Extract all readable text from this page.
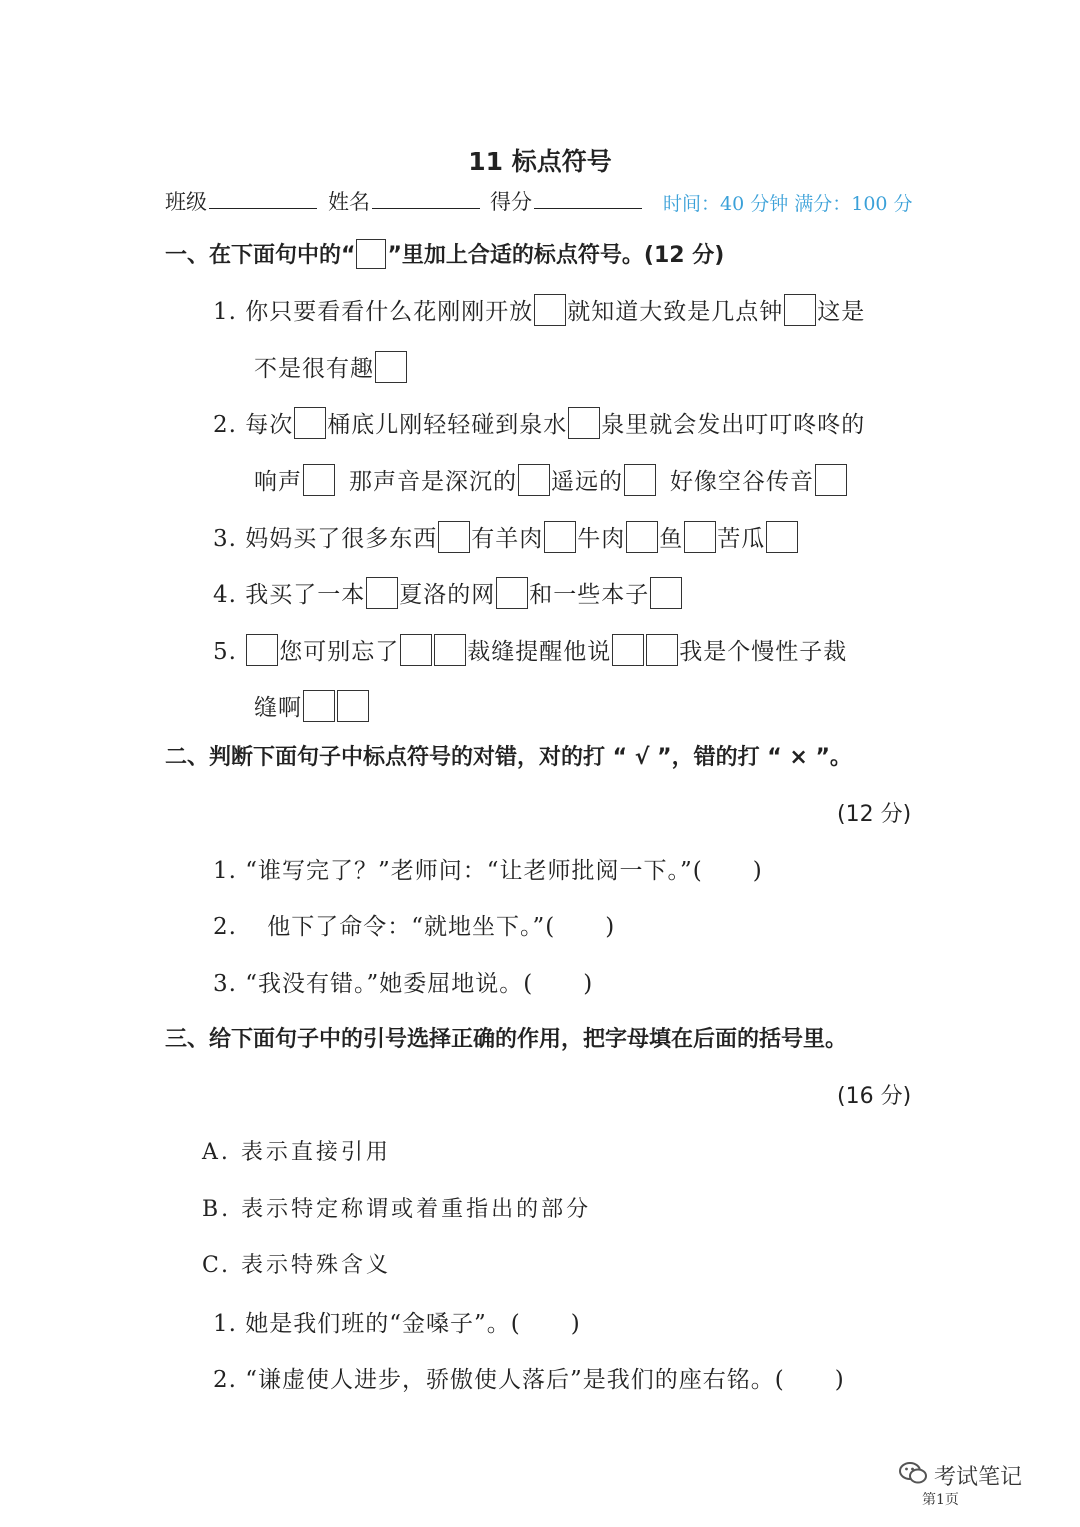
11 标点符号
班级	姓名	得分	时间：40 分钟 满分：100 分
一、在下面句中的“ ”里加上合适的标点符号。(12 分)
1. 你只要看看什么花刚刚开放 就知道大致是几点钟 这是
不是很有趣
2. 每次 桶底儿刚轻轻碰到泉水 泉里就会发出叮叮咚咚的
响声 那声音是深沉的 遥远的 好像空谷传音
3. 妈妈买了很多东西 有羊肉 牛肉 鱼 苦瓜
4. 我买了一本 夏洛的网 和一些本子
5. 您可别忘了	裁缝提醒他说	我是个慢性子裁
缝啊
二、判断下面句子中标点符号的对错，对的打 “ √ ”，错的打 “ × ”。
(12 分)
1. “谁写完了？”老师问：“让老师批阅一下。”( )
2. 他下了命令：“就地坐下。”( )
3. “我没有错。”她委屈地说。( )
三、给下面句子中的引号选择正确的作用，把字母填在后面的括号里。
(16 分)
A. 表示直接引用
B. 表示特定称谓或着重指出的部分
C. 表示特殊含义
1. 她是我们班的“金嗓子”。( )
2. “谦虚使人进步，骄傲使人落后”是我们的座右铭。( )
考试笔记
第1页
